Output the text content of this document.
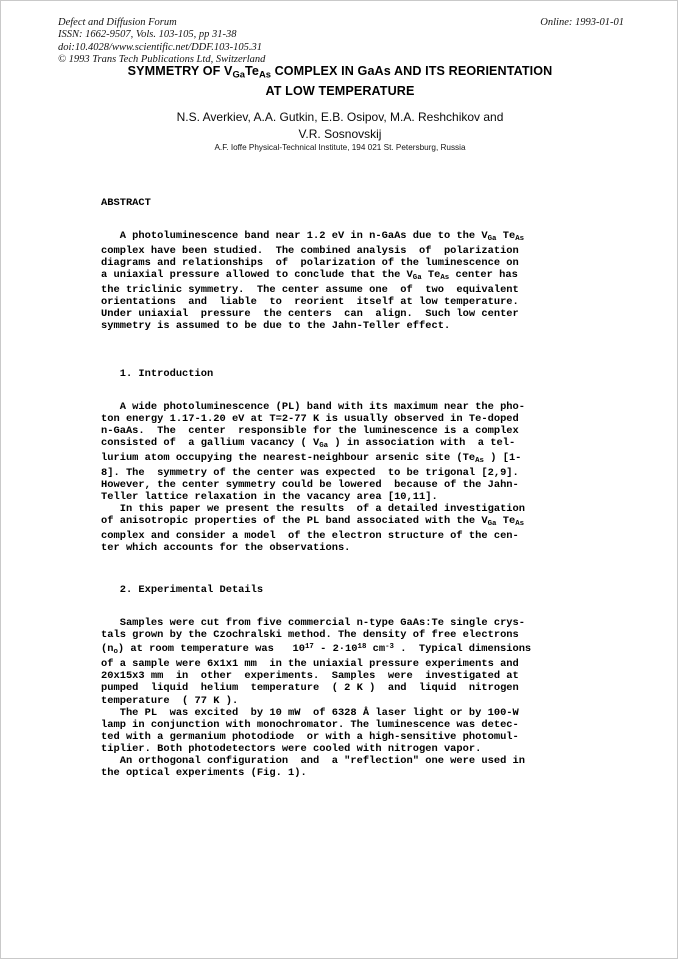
Defect and Diffusion Forum	Online: 1993-01-01
ISSN: 1662-9507, Vols. 103-105, pp 31-38
doi:10.4028/www.scientific.net/DDF.103-105.31
© 1993 Trans Tech Publications Ltd, Switzerland
SYMMETRY OF $V_{Ga}Te_{As}$ COMPLEX IN GaAs AND ITS REORIENTATION
AT LOW TEMPERATURE
N.S. Averkiev, A.A. Gutkin, E.B. Osipov, M.A. Reshchikov and
V.R. Sosnovskij
A.F. Ioffe Physical-Technical Institute, 194 021 St. Petersburg, Russia
ABSTRACT
A photoluminescence band near 1.2 eV in n-GaAs due to the $V_{Ga}$ $Te_{As}$
complex have been studied.  The combined analysis  of  polarization
diagrams and relationships  of  polarization of the luminescence on
a uniaxial pressure allowed to conclude that the $V_{Ga}$ $Te_{As}$ center has
the triclinic symmetry.  The center assume one  of  two  equivalent
orientations  and  liable  to  reorient  itself at low temperature.
Under uniaxial  pressure  the centers  can  align.  Such low center
symmetry is assumed to be due to the Jahn-Teller effect.
1. Introduction
A wide photoluminescence (PL) band with its maximum near the pho-
ton energy 1.17-1.20 eV at T=2-77 K is usually observed in Te-doped
n-GaAs.  The  center  responsible for the luminescence is a complex
consisted of  a gallium vacancy ( $V_{Ga}$ ) in association with  a tel-
lurium atom occupying the nearest-neighbour arsenic site ($Te_{As}$ ) [1-
8]. The  symmetry of the center was expected  to be trigonal [2,9].
However, the center symmetry could be lowered  because of the Jahn-
Teller lattice relaxation in the vacancy area [10,11].
In this paper we present the results  of a detailed investigation
of anisotropic properties of the PL band associated with the $V_{Ga}$ $Te_{As}$
complex and consider a model  of the electron structure of the cen-
ter which accounts for the observations.
2. Experimental Details
Samples were cut from five commercial n-type GaAs:Te single crys-
tals grown by the Czochralski method. The density of free electrons
$(n_o)$ at room temperature was   $10^{17} - 2\cdot 10^{18}$ $cm^{-3}$ .  Typical dimensions
of a sample were 6x1x1 mm  in the uniaxial pressure experiments and
20x15x3 mm  in  other  experiments.  Samples  were  investigated at
pumped  liquid  helium  temperature  ( 2 K )  and  liquid  nitrogen
temperature  ( 77 K ).
The PL  was excited  by 10 mW  of 6328 Å laser light or by 100-W
lamp in conjunction with monochromator. The luminescence was detec-
ted with a germanium photodiode  or with a high-sensitive photomul-
tiplier. Both photodetectors were cooled with nitrogen vapor.
An orthogonal configuration  and  a "reflection" one were used in
the optical experiments (Fig. 1).
